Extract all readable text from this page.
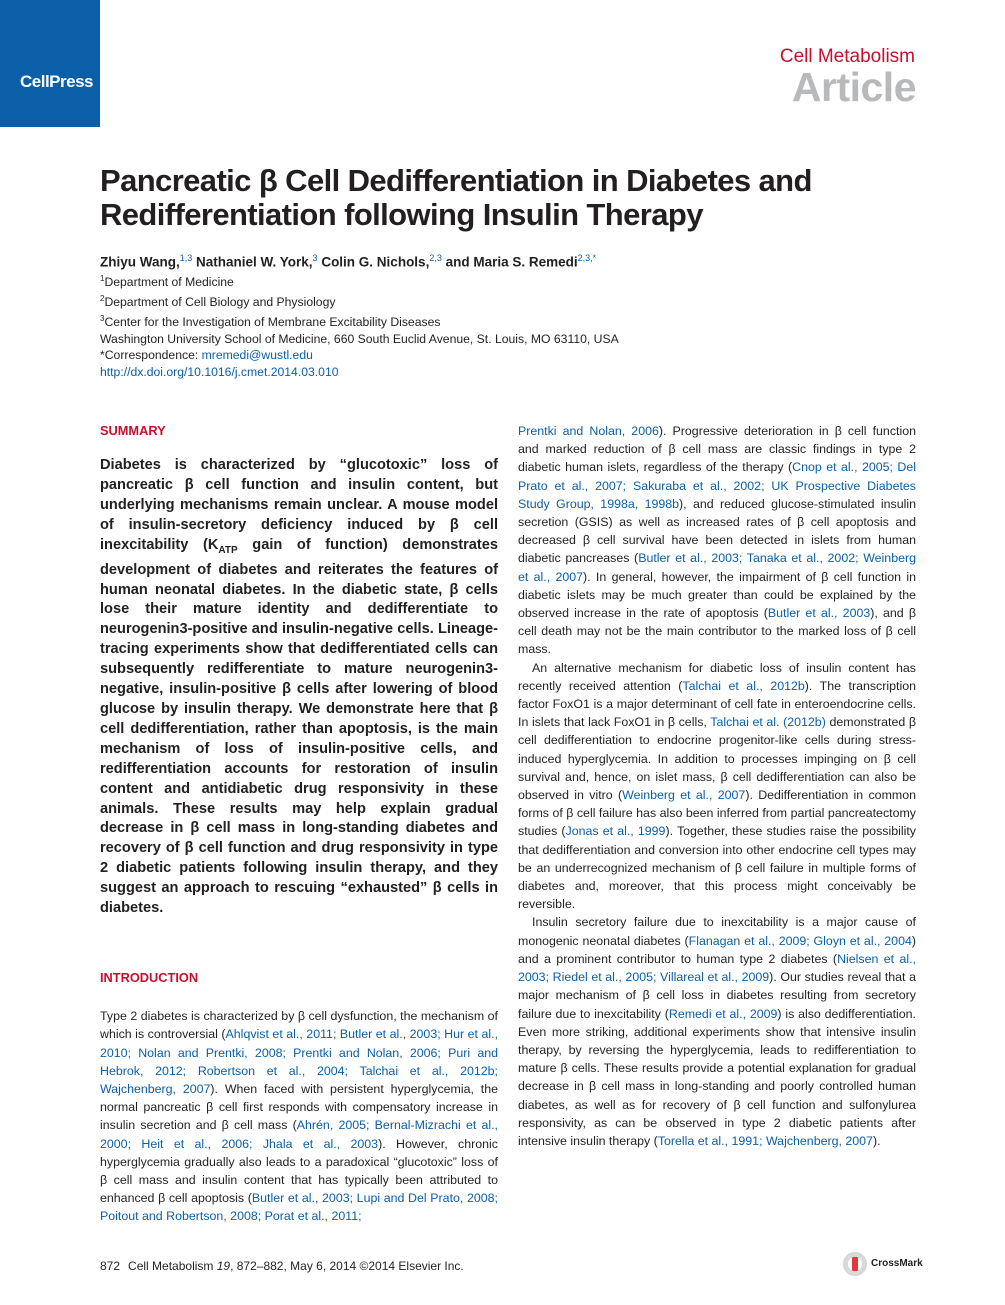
CellPress
Cell Metabolism
Article
Pancreatic β Cell Dedifferentiation in Diabetes and Redifferentiation following Insulin Therapy
Zhiyu Wang,$^{1,3}$ Nathaniel W. York,$^3$ Colin G. Nichols,$^{2,3}$ and Maria S. Remedi$^{2,3,*}$
$^1$Department of Medicine
$^2$Department of Cell Biology and Physiology
$^3$Center for the Investigation of Membrane Excitability Diseases
Washington University School of Medicine, 660 South Euclid Avenue, St. Louis, MO 63110, USA
*Correspondence: mremedi@wustl.edu
http://dx.doi.org/10.1016/j.cmet.2014.03.010
SUMMARY

Diabetes is characterized by “glucotoxic” loss of pancreatic β cell function and insulin content, but underlying mechanisms remain unclear. A mouse model of insulin-secretory deficiency induced by β cell inexcitability ($K_{ATP}$ gain of function) demonstrates development of diabetes and reiterates the features of human neonatal diabetes. In the diabetic state, β cells lose their mature identity and dedifferentiate to neurogenin3-positive and insulin-negative cells. Lineage-tracing experiments show that dedifferentiated cells can subsequently redifferentiate to mature neurogenin3-negative, insulin-positive β cells after lowering of blood glucose by insulin therapy. We demonstrate here that β cell dedifferentiation, rather than apoptosis, is the main mechanism of loss of insulin-positive cells, and redifferentiation accounts for restoration of insulin content and antidiabetic drug responsivity in these animals. These results may help explain gradual decrease in β cell mass in long-standing diabetes and recovery of β cell function and drug responsivity in type 2 diabetic patients following insulin therapy, and they suggest an approach to rescuing “exhausted” β cells in diabetes.

INTRODUCTION

Type 2 diabetes is characterized by β cell dysfunction, the mechanism of which is controversial (Ahlqvist et al., 2011; Butler et al., 2003; Hur et al., 2010; Nolan and Prentki, 2008; Prentki and Nolan, 2006; Puri and Hebrok, 2012; Robertson et al., 2004; Talchai et al., 2012b; Wajchenberg, 2007). When faced with persistent hyperglycemia, the normal pancreatic β cell first responds with compensatory increase in insulin secretion and β cell mass (Ahrén, 2005; Bernal-Mizrachi et al., 2000; Heit et al., 2006; Jhala et al., 2003). However, chronic hyperglycemia gradually also leads to a paradoxical “glucotoxic” loss of β cell mass and insulin content that has typically been attributed to enhanced β cell apoptosis (Butler et al., 2003; Lupi and Del Prato, 2008; Poitout and Robertson, 2008; Porat et al., 2011;

Prentki and Nolan, 2006). Progressive deterioration in β cell function and marked reduction of β cell mass are classic findings in type 2 diabetic human islets, regardless of the therapy (Cnop et al., 2005; Del Prato et al., 2007; Sakuraba et al., 2002; UK Prospective Diabetes Study Group, 1998a, 1998b), and reduced glucose-stimulated insulin secretion (GSIS) as well as increased rates of β cell apoptosis and decreased β cell survival have been detected in islets from human diabetic pancreases (Butler et al., 2003; Tanaka et al., 2002; Weinberg et al., 2007). In general, however, the impairment of β cell function in diabetic islets may be much greater than could be explained by the observed increase in the rate of apoptosis (Butler et al., 2003), and β cell death may not be the main contributor to the marked loss of β cell mass.

An alternative mechanism for diabetic loss of insulin content has recently received attention (Talchai et al., 2012b). The transcription factor FoxO1 is a major determinant of cell fate in enteroendocrine cells. In islets that lack FoxO1 in β cells, Talchai et al. (2012b) demonstrated β cell dedifferentiation to endocrine progenitor-like cells during stress-induced hyperglycemia. In addition to processes impinging on β cell survival and, hence, on islet mass, β cell dedifferentiation can also be observed in vitro (Weinberg et al., 2007). Dedifferentiation in common forms of β cell failure has also been inferred from partial pancreatectomy studies (Jonas et al., 1999). Together, these studies raise the possibility that dedifferentiation and conversion into other endocrine cell types may be an underrecognized mechanism of β cell failure in multiple forms of diabetes and, moreover, that this process might conceivably be reversible.

Insulin secretory failure due to inexcitability is a major cause of monogenic neonatal diabetes (Flanagan et al., 2009; Gloyn et al., 2004) and a prominent contributor to human type 2 diabetes (Nielsen et al., 2003; Riedel et al., 2005; Villareal et al., 2009). Our studies reveal that a major mechanism of β cell loss in diabetes resulting from secretory failure due to inexcitability (Remedi et al., 2009) is also dedifferentiation. Even more striking, additional experiments show that intensive insulin therapy, by reversing the hyperglycemia, leads to redifferentiation to mature β cells. These results provide a potential explanation for gradual decrease in β cell mass in long-standing and poorly controlled human diabetes, as well as for recovery of β cell function and sulfonylurea responsivity, as can be observed in type 2 diabetic patients after intensive insulin therapy (Torella et al., 1991; Wajchenberg, 2007).

872 Cell Metabolism 19, 872–882, May 6, 2014 ©2014 Elsevier Inc.	CrossMark
